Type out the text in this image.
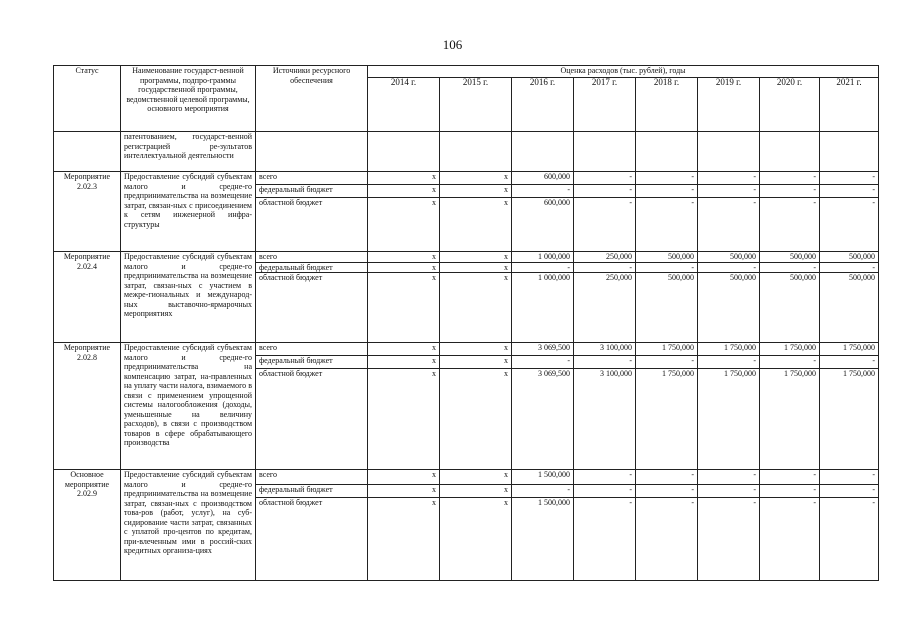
106
Статус	Наименование государст-венной программы, подпро-граммы государственной программы, ведомственной целевой программы, основного мероприятия	Источники ресурсного обеспечения	Оценка расходов (тыс. рублей), годы							
			2014 г.	2015 г.	2016 г.	2017 г.	2018 г.	2019 г.	2020 г.	2021 г.
	патентованием, государст-венной регистрацией ре-зультатов интеллектуальной деятельности									
Мероприятие 2.02.3	Предоставление субсидий субъектам малого и средне-го предпринимательства на возмещение затрат, связан-ных с присоединением к сетям инженерной инфра-структуры	всего	x	x	600,000	-	-	-	-	-
		федеральный бюджет	x	x	-	-	-	-	-	-
		областной бюджет	x	x	600,000	-	-	-	-	-
Мероприятие 2.02.4	Предоставление субсидий субъектам малого и средне-го предпринимательства на возмещение затрат, связан-ных с участием в межре-гиональных и международ-ных выставочно-ярмарочных мероприятиях	всего	x	x	1 000,000	250,000	500,000	500,000	500,000	500,000
		федеральный бюджет	x	x	-	-	-	-	-	-
		областной бюджет	x	x	1 000,000	250,000	500,000	500,000	500,000	500,000
Мероприятие 2.02.8	Предоставление субсидий субъектам малого и средне-го предпринимательства на компенсацию затрат, на-правленных на уплату части налога, взимаемого в связи с применением упрощенной системы налогообложения (доходы, уменьшенные на величину расходов), в связи с производством товаров в сфере обрабатывающего производства	всего	x	x	3 069,500	3 100,000	1 750,000	1 750,000	1 750,000	1 750,000
		федеральный бюджет	x	x	-	-	-	-	-	-
		областной бюджет	x	x	3 069,500	3 100,000	1 750,000	1 750,000	1 750,000	1 750,000
Основное мероприятие 2.02.9	Предоставление субсидий субъектам малого и средне-го предпринимательства на возмещение затрат, связан-ных с производством това-ров (работ, услуг), на суб-сидирование части затрат, связанных с уплатой про-центов по кредитам, при-влеченным ими в россий-ских кредитных организа-циях	всего	x	x	1 500,000	-	-	-	-	-
		федеральный бюджет	x	x	-	-	-	-	-	-
		областной бюджет	x	x	1 500,000	-	-	-	-	-
